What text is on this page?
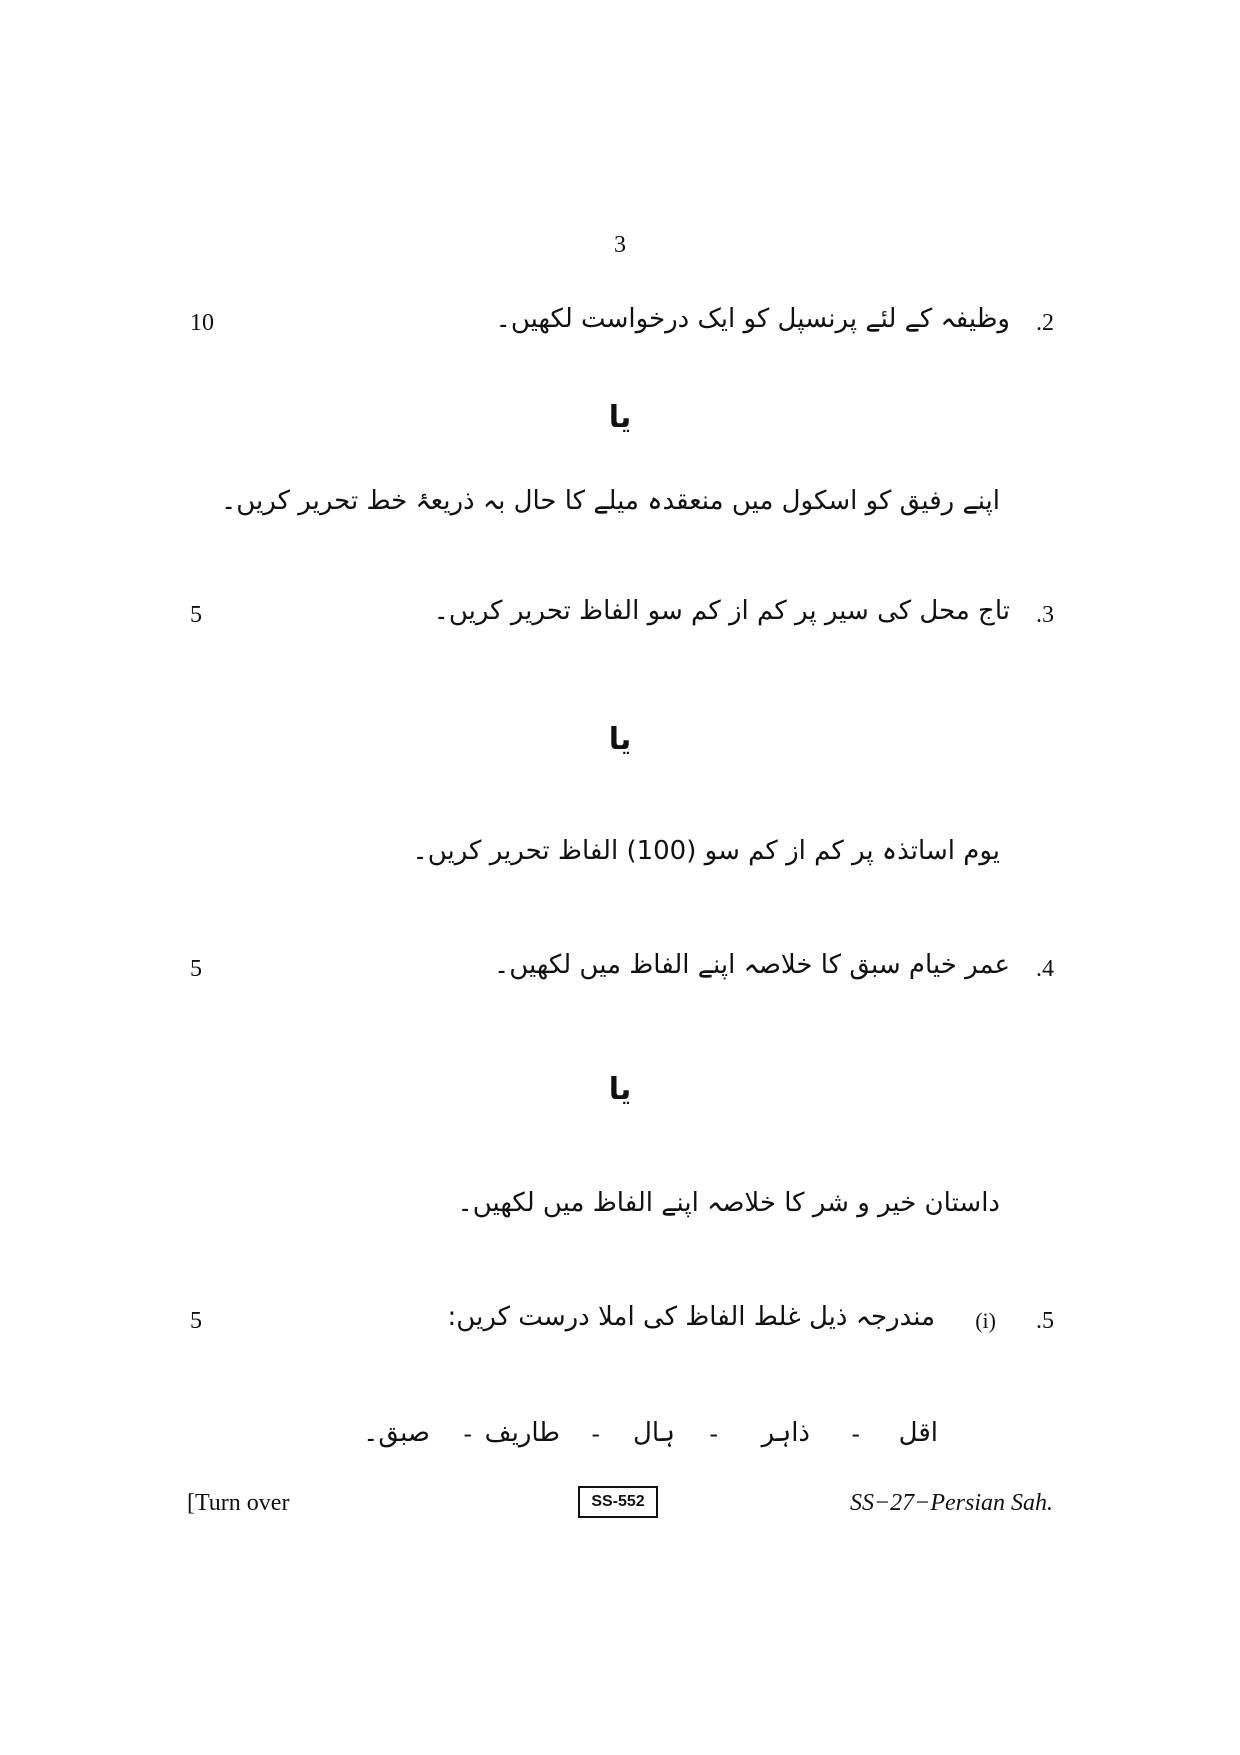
3
10	.2
وظیفہ کے لئے پرنسپل کو ایک درخواست لکھیں۔
یا
اپنے رفیق کو اسکول میں منعقدہ میلے کا حال بہ ذریعۂ خط تحریر کریں۔
5	.3
تاج محل کی سیر پر کم از کم سو الفاظ تحریر کریں۔
یا
یوم اساتذہ پر کم از کم سو (100) الفاظ تحریر کریں۔
5	.4
عمر خیام سبق کا خلاصہ اپنے الفاظ میں لکھیں۔
یا
داستان خیر و شر کا خلاصہ اپنے الفاظ میں لکھیں۔
5	.5
(i)
مندرجہ ذیل غلط الفاظ کی املا درست کریں:
اقل
-
ذاہر
-
ہال
-
طاریف
-
صبق۔
[Turn over	SS-552	SS−27−Persian Sah.
